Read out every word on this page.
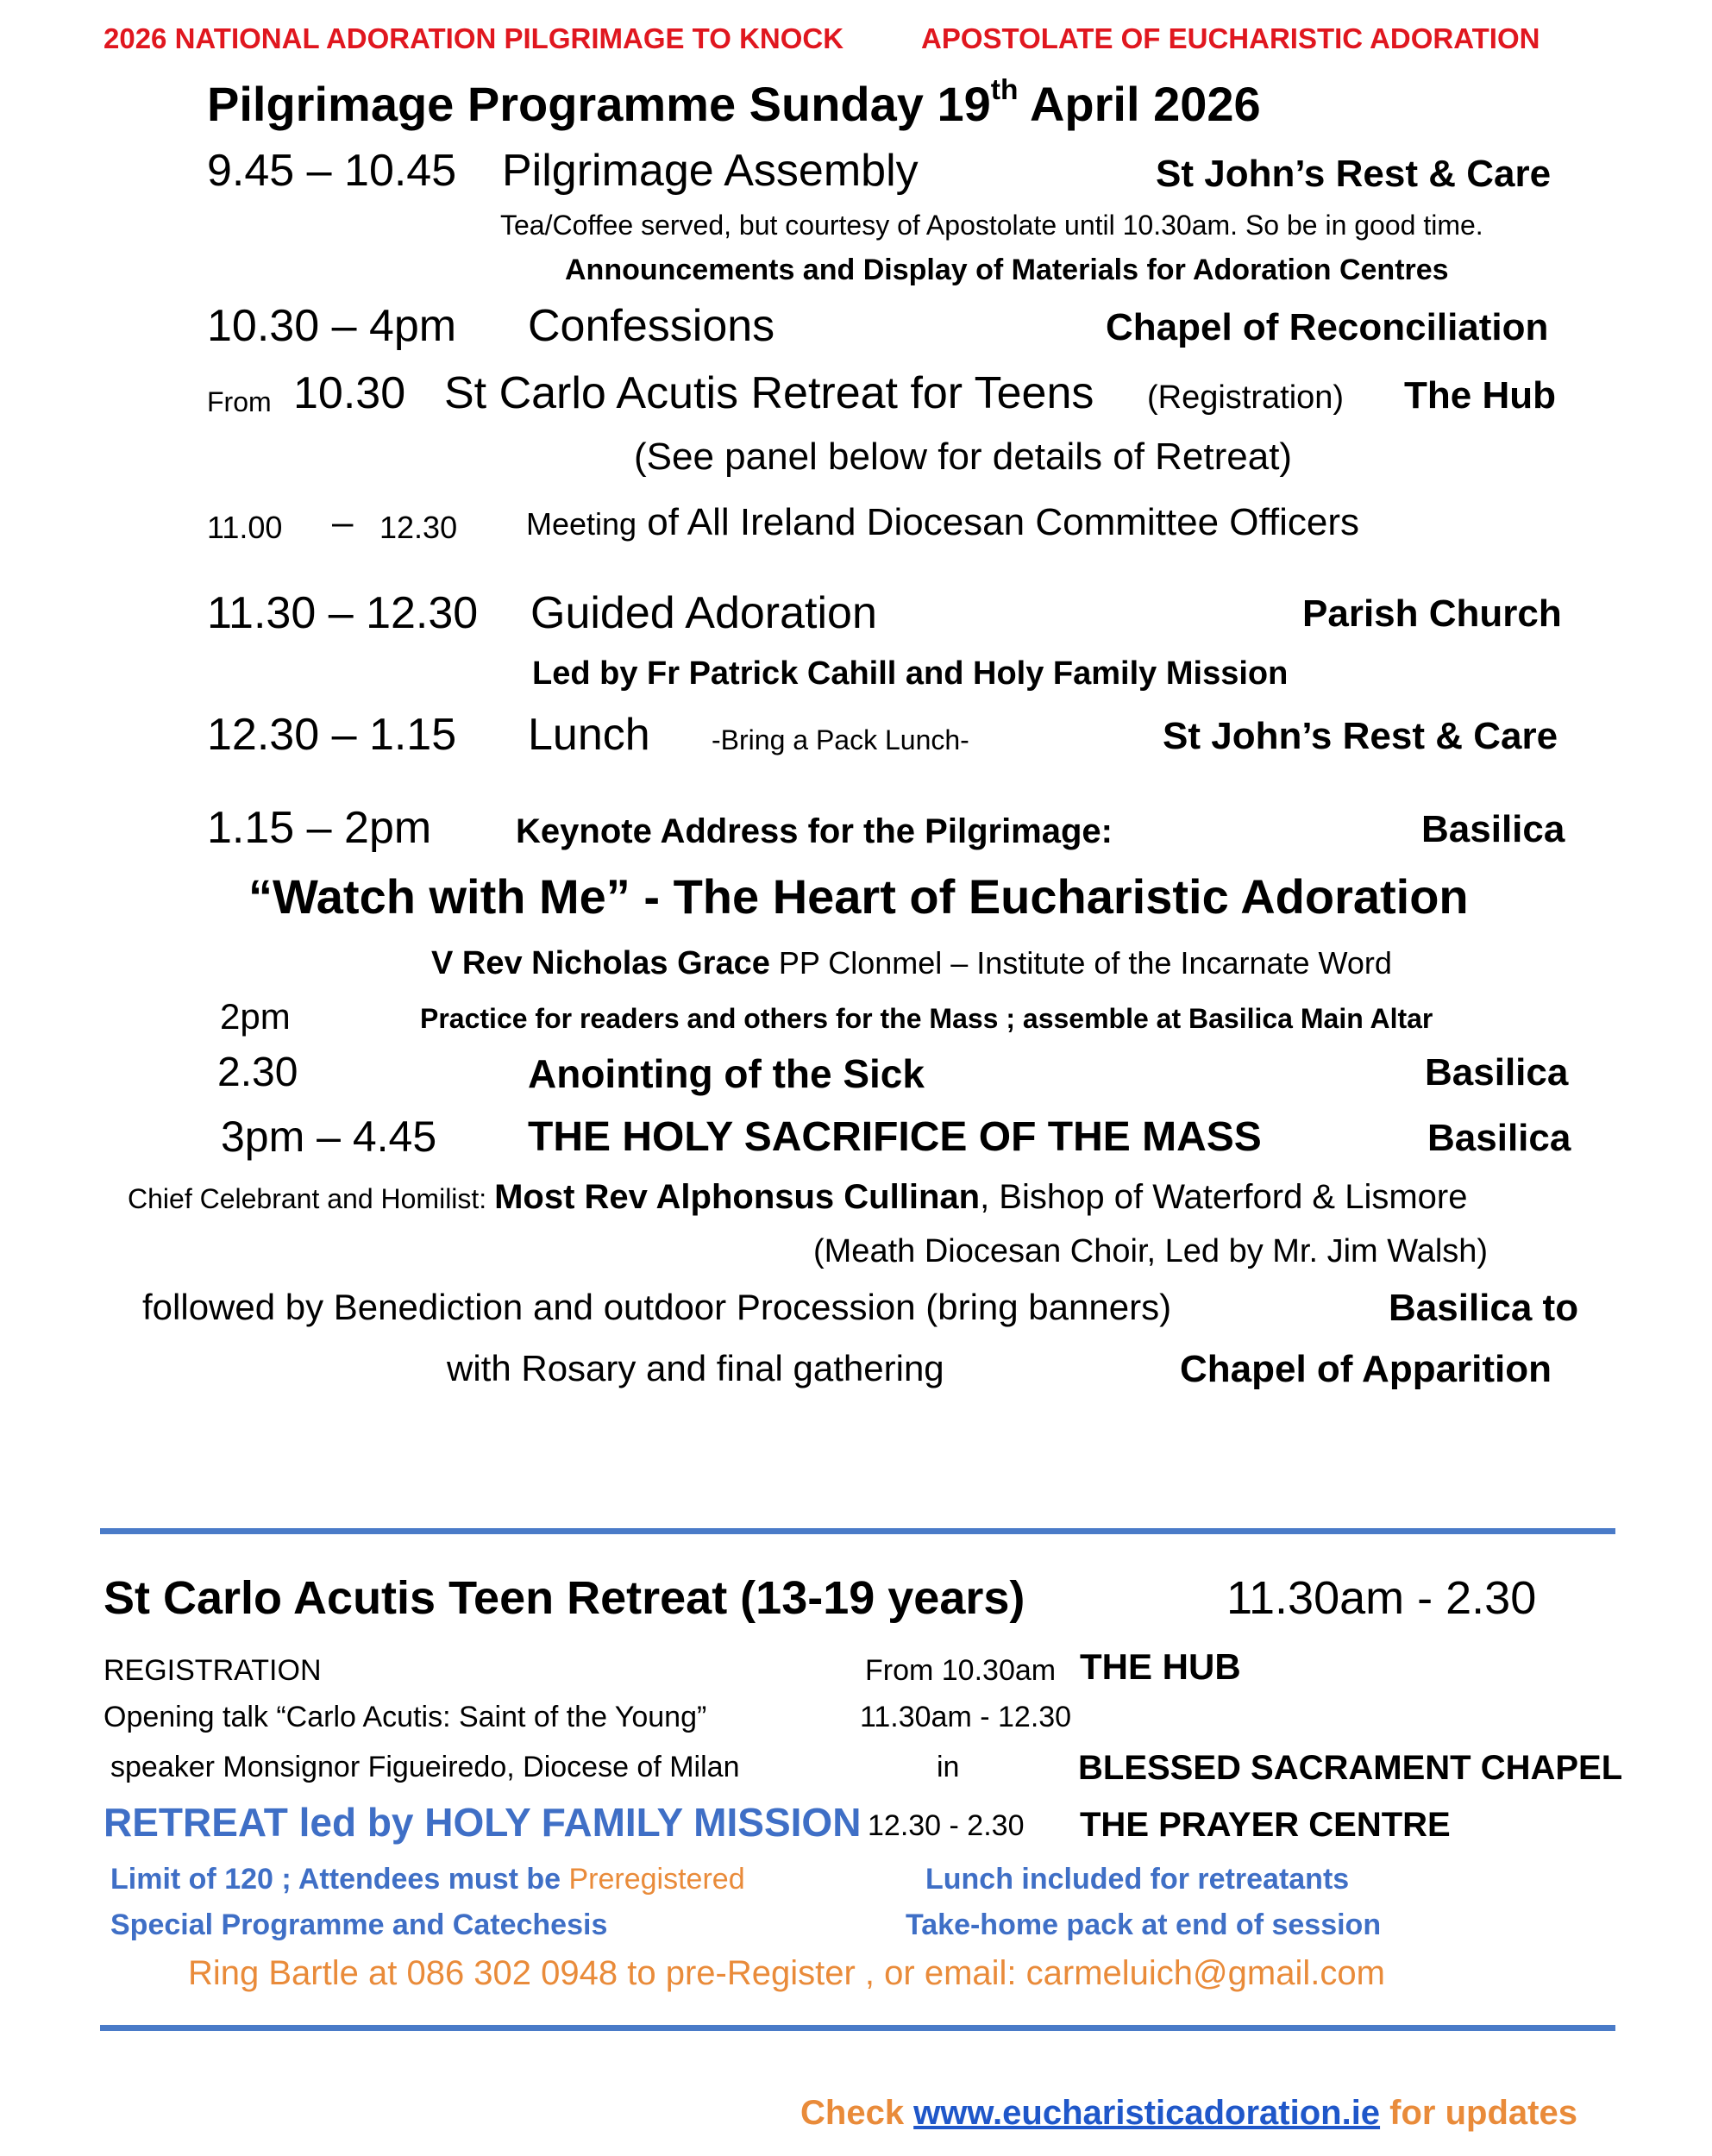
2026 NATIONAL ADORATION PILGRIMAGE TO KNOCK	APOSTOLATE OF EUCHARISTIC ADORATION
Pilgrimage Programme Sunday 19th April 2026
9.45 – 10.45 Pilgrimage Assembly	St John’s Rest & Care
Tea/Coffee served, but courtesy of Apostolate until 10.30am. So be in good time.
Announcements and Display of Materials for Adoration Centres
10.30 – 4pm Confessions	Chapel of Reconciliation
From 10.30 St Carlo Acutis Retreat for Teens (Registration) The Hub
(See panel below for details of Retreat)
11.00 – 12.30 Meeting of All Ireland Diocesan Committee Officers
11.30 – 12.30 Guided Adoration	Parish Church
Led by Fr Patrick Cahill and Holy Family Mission
12.30 – 1.15 Lunch -Bring a Pack Lunch-	St John’s Rest & Care
1.15 – 2pm Keynote Address for the Pilgrimage:	Basilica
“Watch with Me” - The Heart of Eucharistic Adoration
V Rev Nicholas Grace PP Clonmel – Institute of the Incarnate Word
2pm	Practice for readers and others for the Mass ; assemble at Basilica Main Altar
2.30	Anointing of the Sick	Basilica
3pm – 4.45 THE HOLY SACRIFICE OF THE MASS	Basilica
Chief Celebrant and Homilist: Most Rev Alphonsus Cullinan, Bishop of Waterford & Lismore
(Meath Diocesan Choir, Led by Mr. Jim Walsh)
followed by Benediction and outdoor Procession (bring banners)	Basilica to
with Rosary and final gathering	Chapel of Apparition
St Carlo Acutis Teen Retreat (13-19 years)	11.30am - 2.30
REGISTRATION	From 10.30am THE HUB
Opening talk “Carlo Acutis: Saint of the Young”	11.30am - 12.30
speaker Monsignor Figueiredo, Diocese of Milan	in	BLESSED SACRAMENT CHAPEL
RETREAT led by HOLY FAMILY MISSION 12.30 - 2.30 THE PRAYER CENTRE
Limit of 120 ; Attendees must be Preregistered	Lunch included for retreatants
Special Programme and Catechesis	Take-home pack at end of session
Ring Bartle at 086 302 0948 to pre-Register , or email: carmeluich@gmail.com
Check www.eucharisticadoration.ie for updates
